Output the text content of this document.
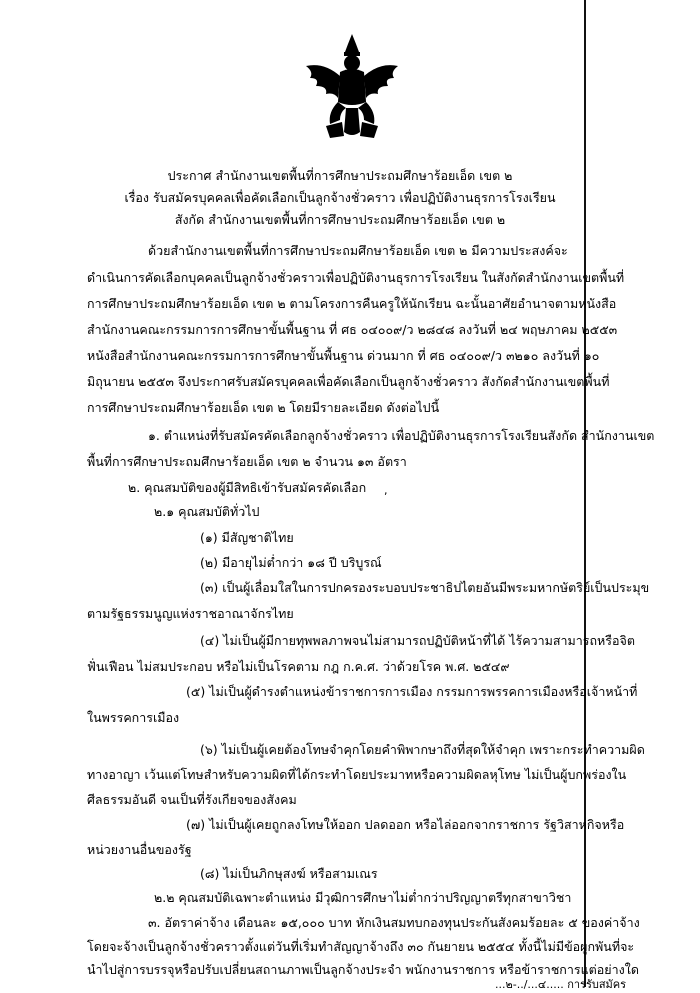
ประกาศ สำนักงานเขตพื้นที่การศึกษาประถมศึกษาร้อยเอ็ด เขต ๒
เรื่อง รับสมัครบุคคลเพื่อคัดเลือกเป็นลูกจ้างชั่วคราว เพื่อปฏิบัติงานธุรการโรงเรียน
สังกัด สำนักงานเขตพื้นที่การศึกษาประถมศึกษาร้อยเอ็ด เขต ๒
ด้วยสำนักงานเขตพื้นที่การศึกษาประถมศึกษาร้อยเอ็ด เขต ๒ มีความประสงค์จะ
ดำเนินการคัดเลือกบุคคลเป็นลูกจ้างชั่วคราวเพื่อปฏิบัติงานธุรการโรงเรียน ในสังกัดสำนักงานเขตพื้นที่
การศึกษาประถมศึกษาร้อยเอ็ด เขต ๒ ตามโครงการคืนครูให้นักเรียน ฉะนั้นอาศัยอำนาจตามหนังสือ
สำนักงานคณะกรรมการการศึกษาขั้นพื้นฐาน ที่ ศธ ๐๔๐๐๙/ว ๒๘๔๘ ลงวันที่ ๒๔ พฤษภาคม ๒๕๕๓
หนังสือสำนักงานคณะกรรมการการศึกษาขั้นพื้นฐาน ด่วนมาก ที่ ศธ ๐๔๐๐๙/ว ๓๒๑๐ ลงวันที่ ๑๐
มิถุนายน ๒๕๕๓ จึงประกาศรับสมัครบุคคลเพื่อคัดเลือกเป็นลูกจ้างชั่วคราว สังกัดสำนักงานเขตพื้นที่
การศึกษาประถมศึกษาร้อยเอ็ด เขต ๒ โดยมีรายละเอียด ดังต่อไปนี้
๑. ตำแหน่งที่รับสมัครคัดเลือกลูกจ้างชั่วคราว เพื่อปฏิบัติงานธุรการโรงเรียนสังกัด สำนักงานเขต
พื้นที่การศึกษาประถมศึกษาร้อยเอ็ด เขต ๒ จำนวน ๑๓ อัตรา
๒. คุณสมบัติของผู้มีสิทธิเข้ารับสมัครคัดเลือก
๒.๑ คุณสมบัติทั่วไป
(๑) มีสัญชาติไทย
,
(๒) มีอายุไม่ต่ำกว่า ๑๘ ปี บริบูรณ์
(๓) เป็นผู้เลื่อมใสในการปกครองระบอบประชาธิปไตยอันมีพระมหากษัตริย์เป็นประมุข
ตามรัฐธรรมนูญแห่งราชอาณาจักรไทย
(๔) ไม่เป็นผู้มีกายทุพพลภาพจนไม่สามารถปฏิบัติหน้าที่ได้ ไร้ความสามารถหรือจิต
ฟั่นเฟือน ไม่สมประกอบ หรือไม่เป็นโรคตาม กฎ ก.ค.ศ. ว่าด้วยโรค พ.ศ. ๒๕๔๙
(๕) ไม่เป็นผู้ดำรงตำแหน่งข้าราชการการเมือง กรรมการพรรคการเมืองหรือเจ้าหน้าที่
ในพรรคการเมือง
(๖) ไม่เป็นผู้เคยต้องโทษจำคุกโดยคำพิพากษาถึงที่สุดให้จำคุก เพราะกระทำความผิด
ทางอาญา เว้นแต่โทษสำหรับความผิดที่ได้กระทำโดยประมาทหรือความผิดลหุโทษ ไม่เป็นผู้บกพร่องใน
ศีลธรรมอันดี จนเป็นที่รังเกียจของสังคม
(๗) ไม่เป็นผู้เคยถูกลงโทษให้ออก ปลดออก หรือไล่ออกจากราชการ รัฐวิสาหกิจหรือ
หน่วยงานอื่นของรัฐ
(๘) ไม่เป็นภิกษุสงฆ์ หรือสามเณร
๒.๒ คุณสมบัติเฉพาะตำแหน่ง มีวุฒิการศึกษาไม่ต่ำกว่าปริญญาตรีทุกสาขาวิชา
๓. อัตราค่าจ้าง เดือนละ ๑๕,๐๐๐ บาท หักเงินสมทบกองทุนประกันสังคมร้อยละ ๕ ของค่าจ้าง
โดยจะจ้างเป็นลูกจ้างชั่วคราวตั้งแต่วันที่เริ่มทำสัญญาจ้างถึง ๓๐ กันยายน ๒๕๕๔ ทั้งนี้ไม่มีข้อผูกพันที่จะ
นำไปสู่การบรรจุหรือปรับเปลี่ยนสถานภาพเป็นลูกจ้างประจำ พนักงานราชการ หรือข้าราชการแต่อย่างใด
...๒-../...๔..... การรับสมัคร
